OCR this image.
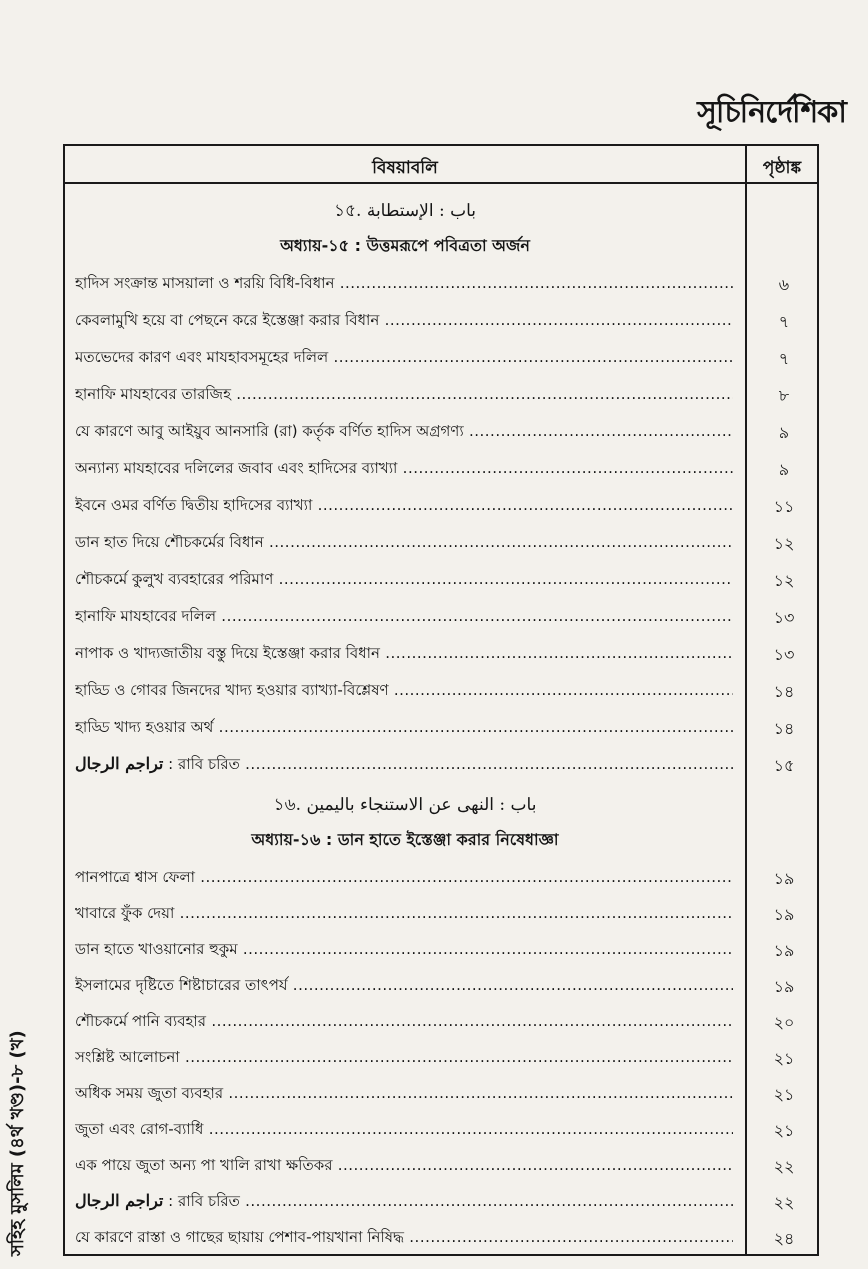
সূচিনির্দেশিকা
বিষয়াবলি	পৃষ্ঠাঙ্ক
১৫. باب : الإستطابة
অধ্যায়-১৫ : উত্তমরূপে পবিত্রতা অর্জন
হাদিস সংক্রান্ত মাসয়ালা ও শরয়ি বিধি-বিধান .....	৬
কেবলামুখি হয়ে বা পেছনে করে ইস্তেঞ্জা করার বিধান .....	৭
মতভেদের কারণ এবং মাযহাবসমূহের দলিল .....	৭
হানাফি মাযহাবের তারজিহ .....	৮
যে কারণে আবু আইয়ুব আনসারি (রা) কর্তৃক বর্ণিত হাদিস অগ্রগণ্য .....	৯
অন্যান্য মাযহাবের দলিলের জবাব এবং হাদিসের ব্যাখ্যা .....	৯
ইবনে ওমর বর্ণিত দ্বিতীয় হাদিসের ব্যাখ্যা .....	১১
ডান হাত দিয়ে শৌচকর্মের বিধান .....	১২
শৌচকর্মে কুলুখ ব্যবহারের পরিমাণ .....	১২
হানাফি মাযহাবের দলিল .....	১৩
নাপাক ও খাদ্যজাতীয় বস্তু দিয়ে ইস্তেঞ্জা করার বিধান .....	১৩
হাড্ডি ও গোবর জিনদের খাদ্য হওয়ার ব্যাখ্যা-বিশ্লেষণ .....	১৪
হাড্ডি খাদ্য হওয়ার অর্থ .....	১৪
تراجم الرجال : রাবি চরিত .....	১৫
১৬. باب : النهى عن الاستنجاء باليمين
অধ্যায়-১৬ : ডান হাতে ইস্তেঞ্জা করার নিষেধাজ্ঞা
পানপাত্রে শ্বাস ফেলা .....	১৯
খাবারে ফুঁক দেয়া .....	১৯
ডান হাতে খাওয়ানোর হুকুম .....	১৯
ইসলামের দৃষ্টিতে শিষ্টাচারের তাৎপর্য .....	১৯
শৌচকর্মে পানি ব্যবহার .....	২০
সংশ্লিষ্ট আলোচনা .....	২১
অধিক সময় জুতা ব্যবহার .....	২১
জুতা এবং রোগ-ব্যাধি .....	২১
এক পায়ে জুতা অন্য পা খালি রাখা ক্ষতিকর .....	২২
تراجم الرجال : রাবি চরিত .....	২২
যে কারণে রাস্তা ও গাছের ছায়ায় পেশাব-পায়খানা নিষিদ্ধ .....	২৪
সহিহ মুসলিম (৪র্থ খণ্ড)-৮ (খ)
